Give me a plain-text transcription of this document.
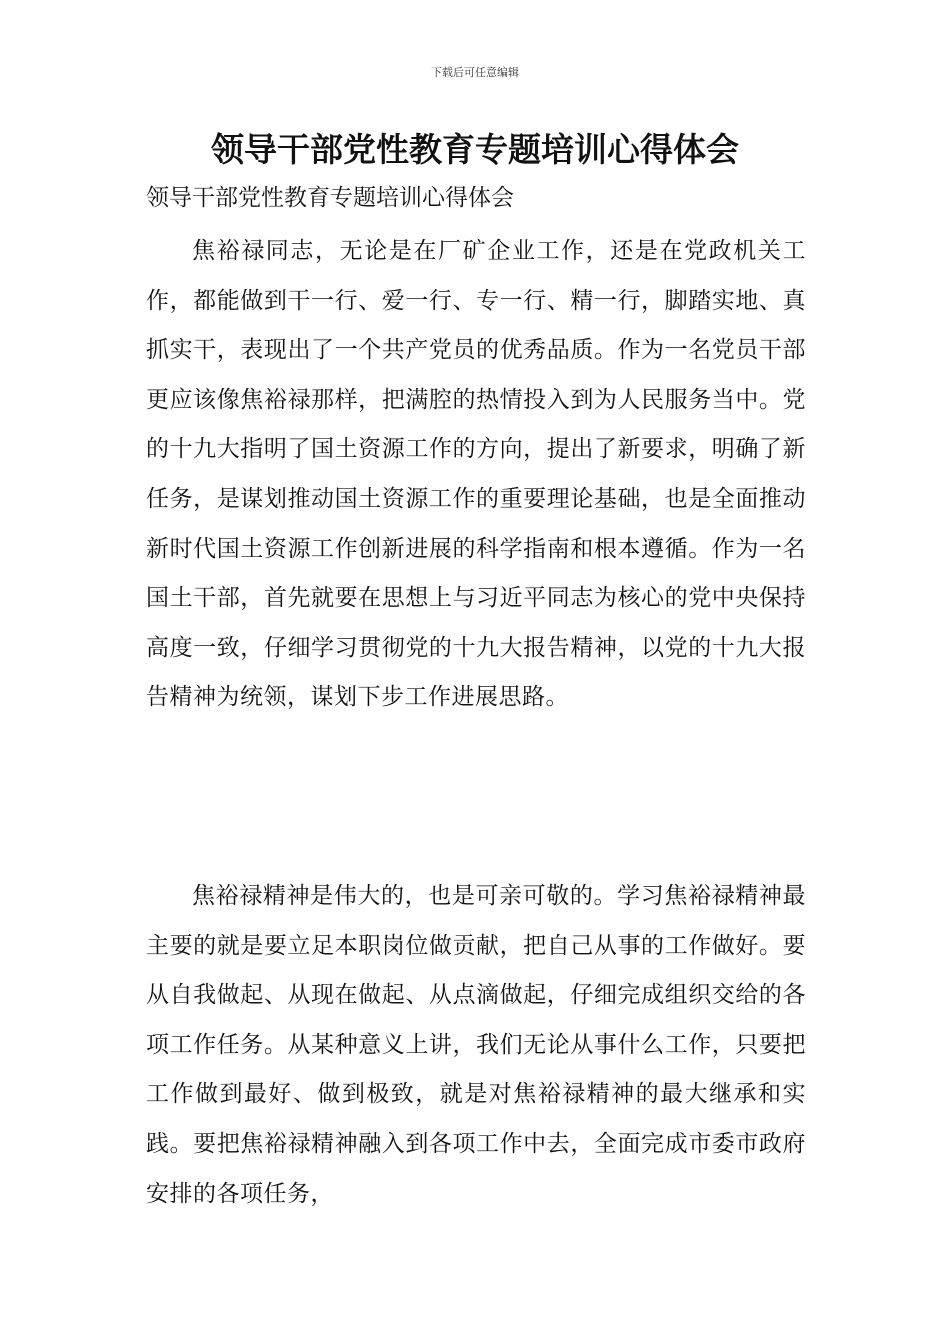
下载后可任意编辑
领导干部党性教育专题培训心得体会

领导干部党性教育专题培训心得体会

焦裕禄同志，无论是在厂矿企业工作，还是在党政机关工作，都能做到干一行、爱一行、专一行、精一行，脚踏实地、真抓实干，表现出了一个共产党员的优秀品质。作为一名党员干部更应该像焦裕禄那样，把满腔的热情投入到为人民服务当中。党的十九大指明了国土资源工作的方向，提出了新要求，明确了新任务，是谋划推动国土资源工作的重要理论基础，也是全面推动新时代国土资源工作创新进展的科学指南和根本遵循。作为一名国土干部，首先就要在思想上与习近平同志为核心的党中央保持高度一致，仔细学习贯彻党的十九大报告精神，以党的十九大报告精神为统领，谋划下步工作进展思路。

焦裕禄精神是伟大的，也是可亲可敬的。学习焦裕禄精神最主要的就是要立足本职岗位做贡献，把自己从事的工作做好。要从自我做起、从现在做起、从点滴做起，仔细完成组织交给的各项工作任务。从某种意义上讲，我们无论从事什么工作，只要把工作做到最好、做到极致，就是对焦裕禄精神的最大继承和实践。要把焦裕禄精神融入到各项工作中去，全面完成市委市政府安排的各项任务，
